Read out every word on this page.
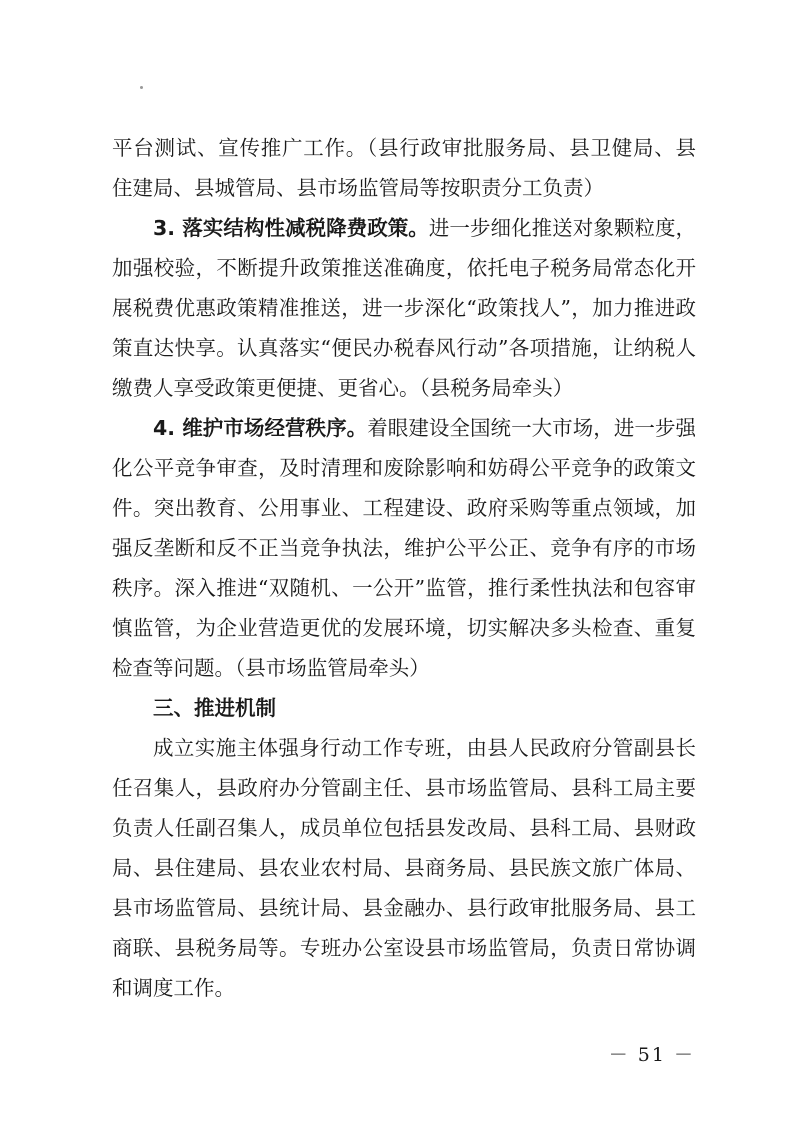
平台测试、宣传推广工作。（县行政审批服务局、县卫健局、县
住建局、县城管局、县市场监管局等按职责分工负责）
3. 落实结构性减税降费政策。进一步细化推送对象颗粒度，
加强校验，不断提升政策推送准确度，依托电子税务局常态化开
展税费优惠政策精准推送，进一步深化“政策找人”，加力推进政
策直达快享。认真落实“便民办税春风行动”各项措施，让纳税人
缴费人享受政策更便捷、更省心。（县税务局牵头）
4. 维护市场经营秩序。着眼建设全国统一大市场，进一步强
化公平竞争审查，及时清理和废除影响和妨碍公平竞争的政策文
件。突出教育、公用事业、工程建设、政府采购等重点领域，加
强反垄断和反不正当竞争执法，维护公平公正、竞争有序的市场
秩序。深入推进“双随机、一公开”监管，推行柔性执法和包容审
慎监管，为企业营造更优的发展环境，切实解决多头检查、重复
检查等问题。（县市场监管局牵头）
三、推进机制
成立实施主体强身行动工作专班，由县人民政府分管副县长
任召集人，县政府办分管副主任、县市场监管局、县科工局主要
负责人任副召集人，成员单位包括县发改局、县科工局、县财政
局、县住建局、县农业农村局、县商务局、县民族文旅广体局、
县市场监管局、县统计局、县金融办、县行政审批服务局、县工
商联、县税务局等。专班办公室设县市场监管局，负责日常协调
和调度工作。
－ 51 －
